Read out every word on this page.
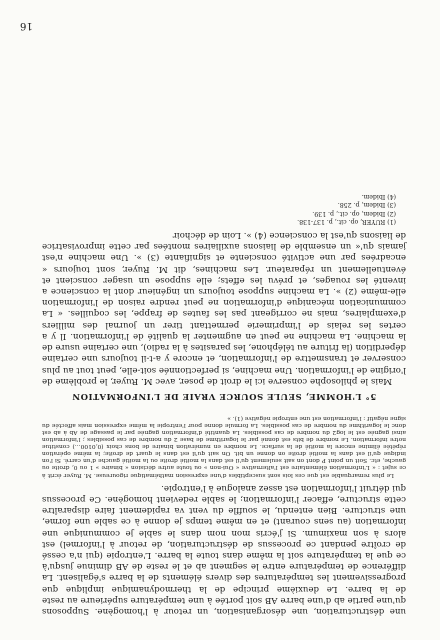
une déstructuration, une désorganisation, un retour à l'homogène. Supposons qu'une partie ab d'une barre AB soit portée à une température supérieure au reste de la barre. Le deuxième principe de la thermodynamique implique que progressivement les températures des divers éléments de la barre s'égalisent. La différence de température entre le segment ab et le reste de AB diminue jusqu'à ce que la température soit la même dans toute la barre. L'entropie (qui n'a cessé de croître pendant ce processus de déstructuration, de retour à l'informel) est alors à son maximum. Si j'écris mon nom dans le sable je communique une information (au sens courant) et en même temps je donne à ce sable une forme, une structure. Bien entendu, le souffle du vent va rapidement faire disparaître cette structure, effacer l'information; le sable redevient homogène. Ce processus qui détruit l'information est assez analogue à l'entropie.

Le plus remarquable est que ces lois sont susceptibles d'une expression mathématique rigoureuse. M. Ruyer écrit à ce sujet : « L'information élémentaire est l'alternative « Oui-non » ou toute autre décision « binaire » 1 ou 0, droite ou gauche, etc. Soit un point P dont on sait seulement qu'il est dans la moitié droite ou la moitié gauche d'un carré. Si l'on indique qu'il est dans la moitié droite on donne un bit. On sait qu'il est dans le quart de droite; la même opération répétée élimine encore la moitié de la surface. Le nombre en numération binaire de bons choix (0,0100…) constitue notre information. Le nombre de bits est donné par le logarithme de base 2 du nombre de cas possibles ; l'information ainsi gagnée est le log2 du nombre de cas possibles. La quantité d'information gagnée par le passage de Ab à ab est donc le logarithme du nombre de cas possibles. La formule donne pour l'entropie la même expression mais affectée du signe négatif : l'information est une entropie négative (1). »

5° L'HOMME, SEULE SOURCE VRAIE DE L'INFORMATION

Mais le philosophe conserve ici le droit de poser, avec M. Ruyer, le problème de l'origine de l'information. Une machine, si perfectionnée soit-elle, peut tout au plus conserver et transmettre de l'information, et encore y a-t-il toujours une certaine déperdition (la friture au téléphone, les parasites à la radio), une certaine usure de la machine. La machine ne peut en augmenter la qualité de l'information. Il y a certes les relais de l'imprimerie permettant tirer un journal des milliers d'exemplaires, mais ne corrigeant pas les fautes de frappe, les coquilles. « La communication mécanique d'information ne peut rendre raison de l'information elle-même (2) ». La machine suppose toujours un ingénieur dont la conscience a inventé les rouages, et prévu les effets; elle suppose un usager conscient et éventuellement un réparateur. Les machines, dit M. Ruyer, sont toujours « encadrées par une activité consciente et signifiante (3) ». Une machine n'est jamais qu'« un ensemble de liaisons auxiliaires montées par cette improvisatrice de liaisons qu'est la conscience (4) ». Loin de déchoir

(1) RUYER, op. cit., p. 137-138.

(2) Ibidem, op. cit., p. 139.

(3) Ibidem, p. 258.

(4) Ibidem.

16
